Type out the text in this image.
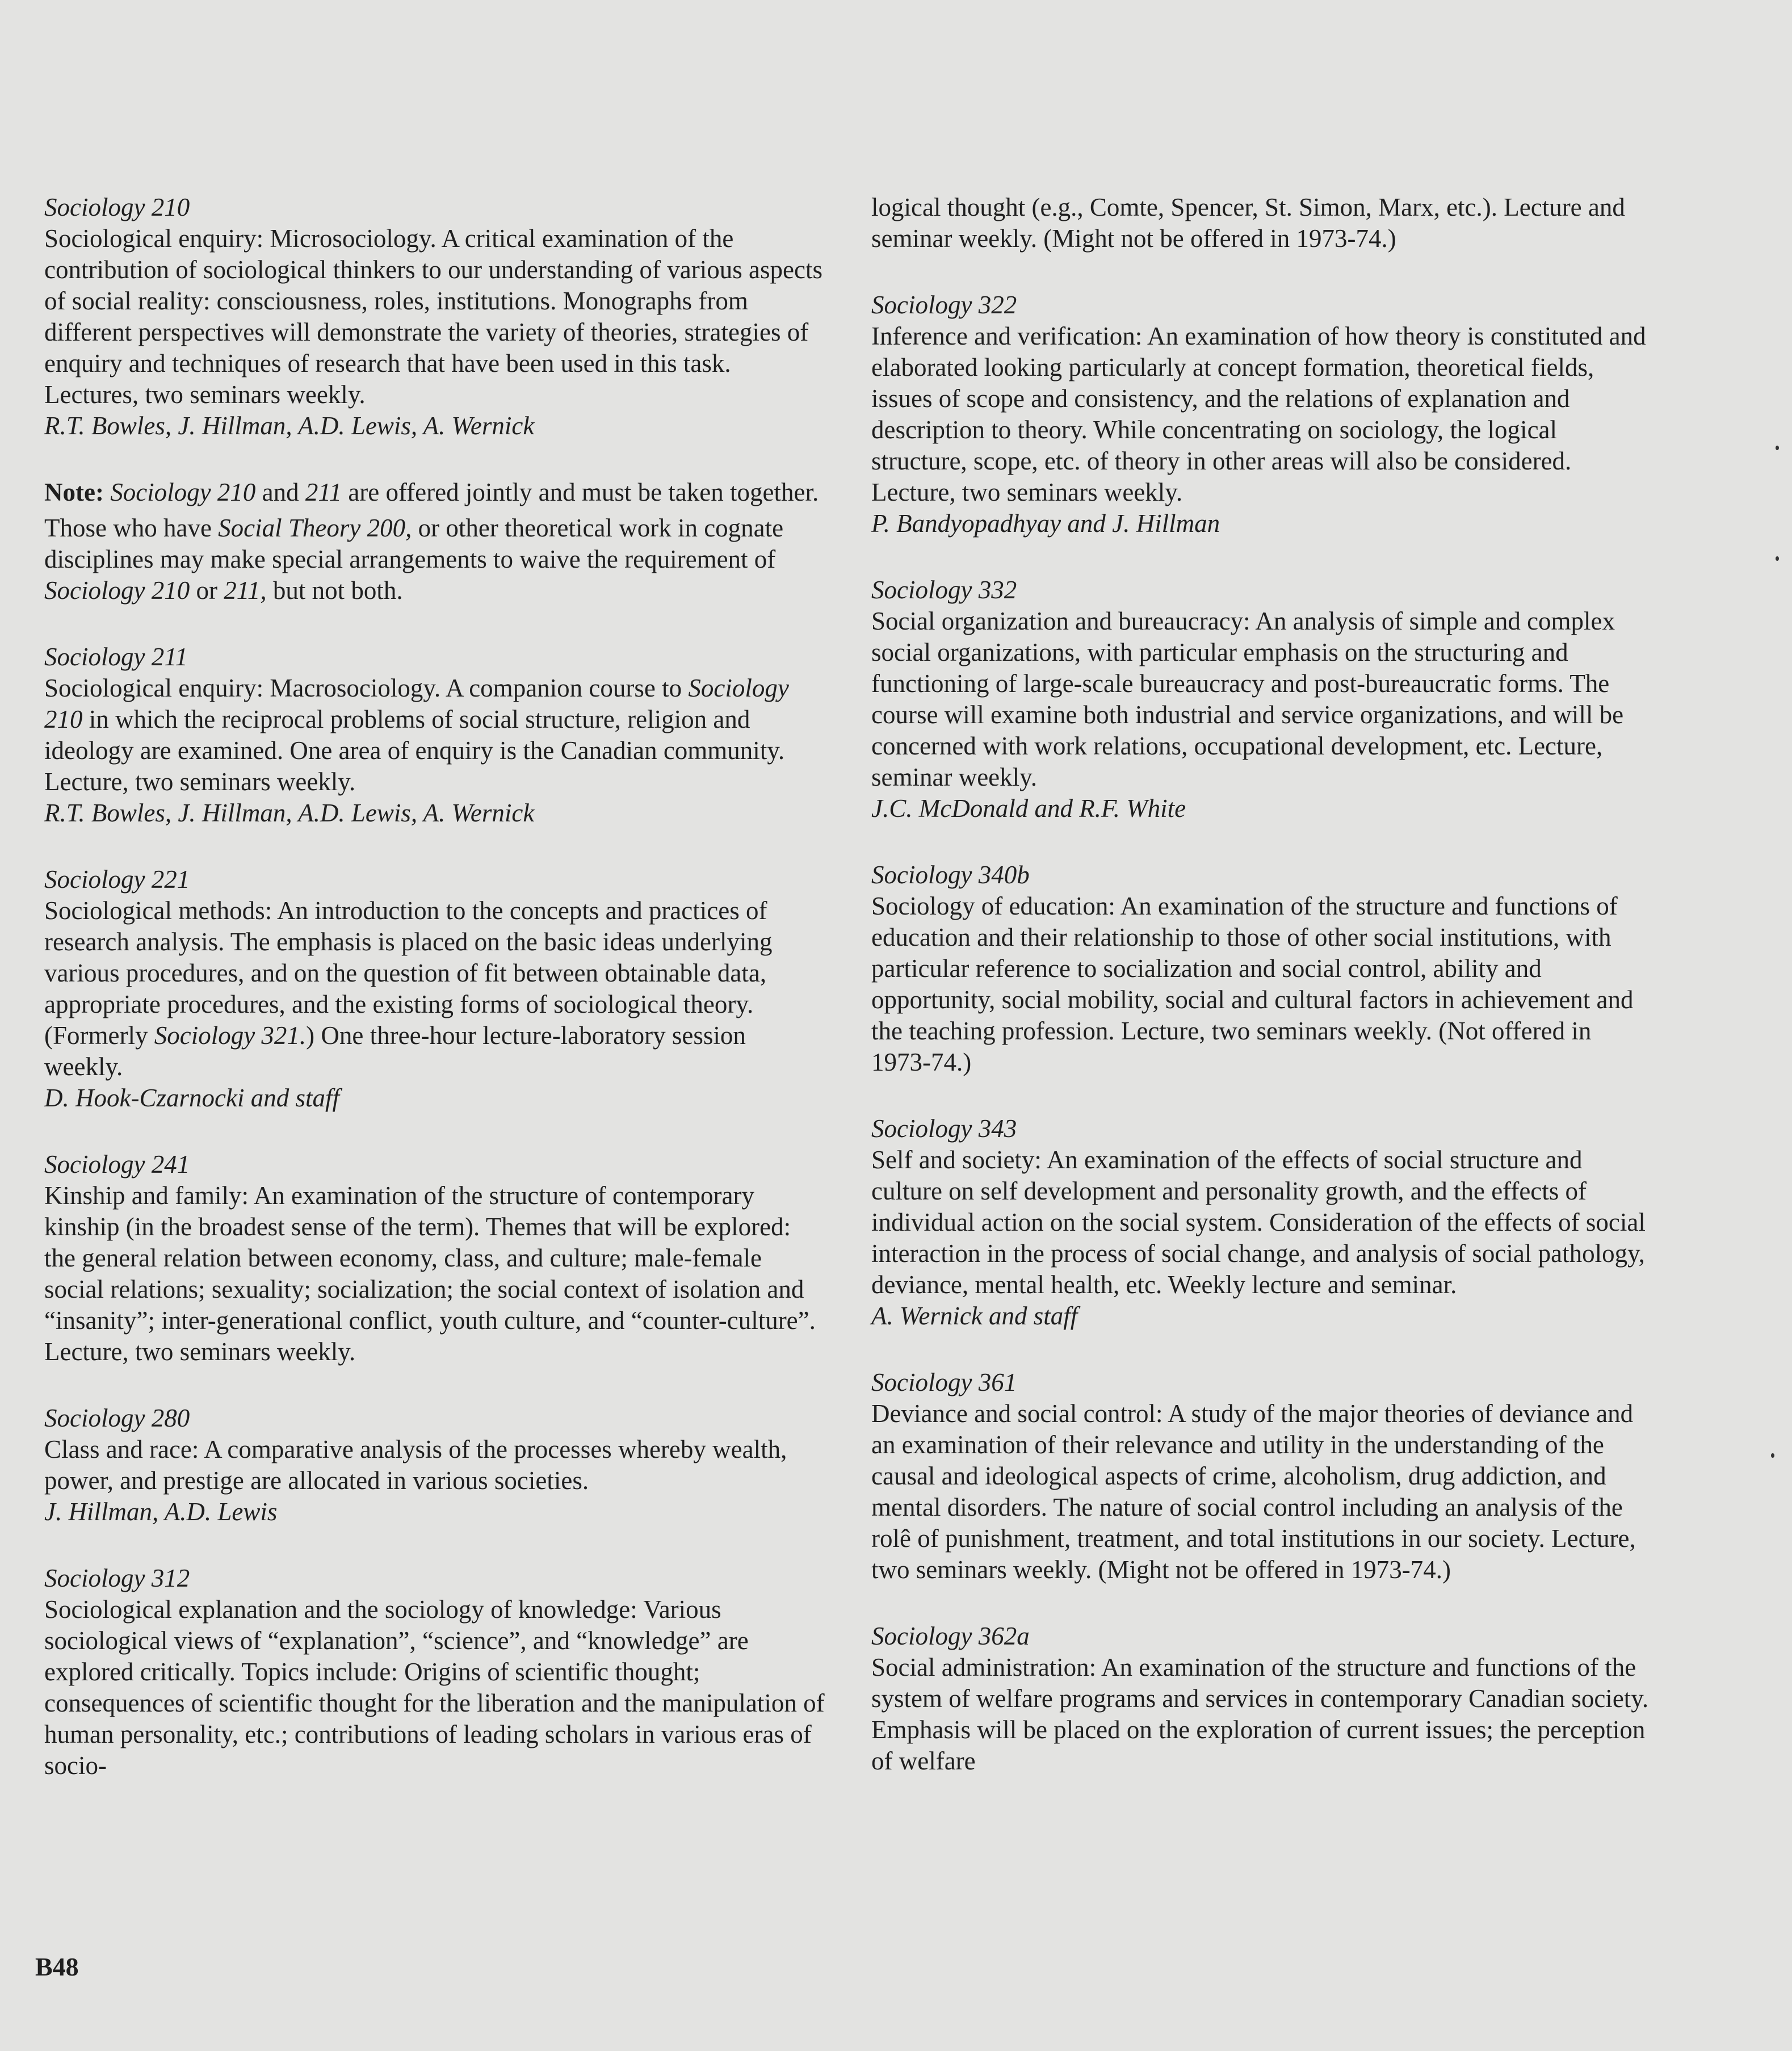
Sociology 210

Sociological enquiry: Microsociology. A critical examination of the contribution of sociological thinkers to our understanding of various aspects of social reality: consciousness, roles, institutions. Monographs from different perspectives will demonstrate the variety of theories, strategies of enquiry and techniques of research that have been used in this task. Lectures, two seminars weekly.

R.T. Bowles, J. Hillman, A.D. Lewis, A. Wernick

Note: Sociology 210 and 211 are offered jointly and must be taken together.

Those who have Social Theory 200, or other theoretical work in cognate disciplines may make special arrangements to waive the requirement of Sociology 210 or 211, but not both.

Sociology 211

Sociological enquiry: Macrosociology. A companion course to Sociology 210 in which the reciprocal problems of social structure, religion and ideology are examined. One area of enquiry is the Canadian community. Lecture, two seminars weekly.

R.T. Bowles, J. Hillman, A.D. Lewis, A. Wernick

Sociology 221

Sociological methods: An introduction to the concepts and practices of research analysis. The emphasis is placed on the basic ideas underlying various procedures, and on the question of fit between obtainable data, appropriate procedures, and the existing forms of sociological theory. (Formerly Sociology 321.) One three-hour lecture-laboratory session weekly.

D. Hook-Czarnocki and staff

Sociology 241

Kinship and family: An examination of the structure of contemporary kinship (in the broadest sense of the term). Themes that will be explored: the general relation between economy, class, and culture; male-female social relations; sexuality; socialization; the social context of isolation and “insanity”; inter-generational conflict, youth culture, and “counter-culture”. Lecture, two seminars weekly.

Sociology 280

Class and race: A comparative analysis of the processes whereby wealth, power, and prestige are allocated in various societies.

J. Hillman, A.D. Lewis

Sociology 312

Sociological explanation and the sociology of knowledge: Various sociological views of “explanation”, “science”, and “knowledge” are explored critically. Topics include: Origins of scientific thought; consequences of scientific thought for the liberation and the manipulation of human personality, etc.; contributions of leading scholars in various eras of socio-

logical thought (e.g., Comte, Spencer, St. Simon, Marx, etc.). Lecture and seminar weekly. (Might not be offered in 1973-74.)

Sociology 322

Inference and verification: An examination of how theory is constituted and elaborated looking particularly at concept formation, theoretical fields, issues of scope and consistency, and the relations of explanation and description to theory. While concentrating on sociology, the logical structure, scope, etc. of theory in other areas will also be considered. Lecture, two seminars weekly.

P. Bandyopadhyay and J. Hillman

Sociology 332

Social organization and bureaucracy: An analysis of simple and complex social organizations, with particular emphasis on the structuring and functioning of large-scale bureaucracy and post-bureaucratic forms. The course will examine both industrial and service organizations, and will be concerned with work relations, occupational development, etc. Lecture, seminar weekly.

J.C. McDonald and R.F. White

Sociology 340b

Sociology of education: An examination of the structure and functions of education and their relationship to those of other social institutions, with particular reference to socialization and social control, ability and opportunity, social mobility, social and cultural factors in achievement and the teaching profession. Lecture, two seminars weekly. (Not offered in 1973-74.)

Sociology 343

Self and society: An examination of the effects of social structure and culture on self development and personality growth, and the effects of individual action on the social system. Consideration of the effects of social interaction in the process of social change, and analysis of social pathology, deviance, mental health, etc. Weekly lecture and seminar.

A. Wernick and staff

Sociology 361

Deviance and social control: A study of the major theories of deviance and an examination of their relevance and utility in the understanding of the causal and ideological aspects of crime, alcoholism, drug addiction, and mental disorders. The nature of social control including an analysis of the rolê of punishment, treatment, and total institutions in our society. Lecture, two seminars weekly. (Might not be offered in 1973-74.)

Sociology 362a

Social administration: An examination of the structure and functions of the system of welfare programs and services in contemporary Canadian society. Emphasis will be placed on the exploration of current issues; the perception of welfare

B48
